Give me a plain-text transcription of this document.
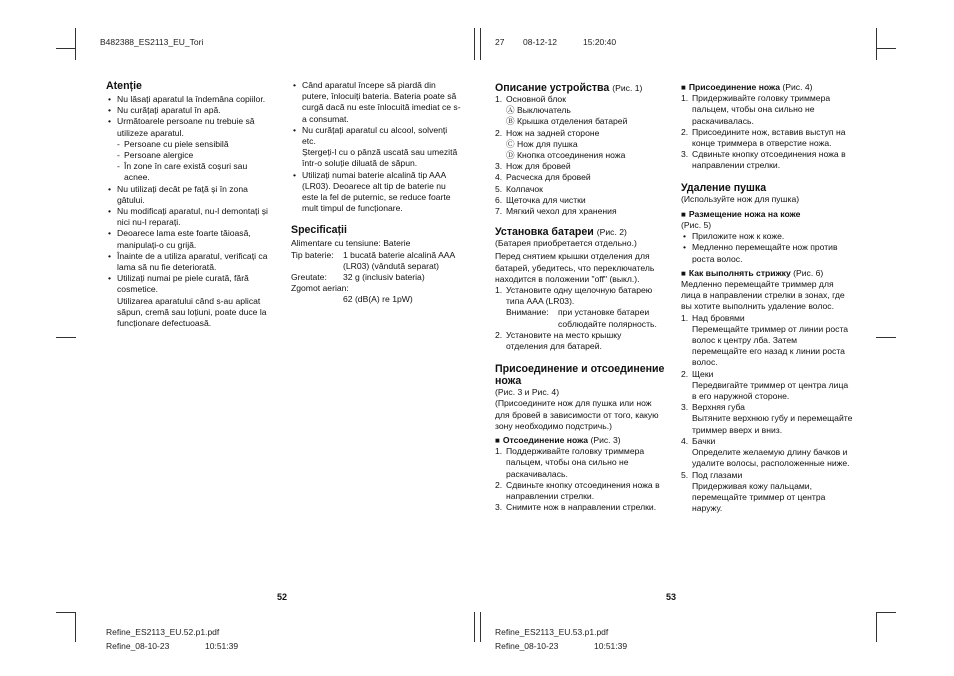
B482388_ES2113_EU_Tori	27 08-12-12	15:20:40

Atenție

• Nu lăsați aparatul la îndemâna copiilor.

• Nu curățați aparatul în apă.

• Următoarele persoane nu trebuie să utilizeze aparatul.

- Persoane cu piele sensibilă

- Persoane alergice

- În zone în care există coșuri sau acnee.

• Nu utilizați decât pe față și în zona gâtului.

• Nu modificați aparatul, nu-l demontați și nici nu-l reparați.

• Deoarece lama este foarte tăioasă, manipulați-o cu grijă.

• Înainte de a utiliza aparatul, verificați ca lama să nu fie deteriorată.

• Utilizați numai pe piele curată, fără cosmetice.

Utilizarea aparatului când s-au aplicat săpun, cremă sau loțiuni, poate duce la funcționare defectuoasă.

• Când aparatul începe să piardă din putere, înlocuiți bateria. Bateria poate să curgă dacă nu este înlocuită imediat ce s-a consumat.

• Nu curățați aparatul cu alcool, solvenți etc.

Ștergeți-l cu o pânză uscată sau umezită într-o soluție diluată de săpun.

• Utilizați numai baterie alcalină tip AAA (LR03). Deoarece alt tip de baterie nu este la fel de puternic, se reduce foarte mult timpul de funcționare.

Specificații

Alimentare cu tensiune: Baterie

Tip baterie:	1 bucată baterie alcalină AAA (LR03) (vândută separat)
Greutate:	32 g (inclusiv bateria)

Zgomot aerian:

62 (dB(A) re 1pW)

Описание устройства (Рис. 1)

1. Основной блок

Ⓐ Выключатель

Ⓑ Крышка отделения батарей

2. Нож на задней стороне

Ⓒ Нож для пушка

Ⓓ Кнопка отсоединения ножа

3. Нож для бровей

4. Расческа для бровей

5. Колпачок

6. Щеточка для чистки

7. Мягкий чехол для хранения

Установка батареи (Рис. 2)

(Батарея приобретается отдельно.)

Перед снятием крышки отделения для батарей, убедитесь, что переключатель находится в положении "off" (выкл.).

1. Установите одну щелочную батарею типа AAA (LR03).

Внимание:	при установке батареи соблюдайте полярность.

2. Установите на место крышку отделения для батарей.

Присоединение и отсоединение ножа

(Рис. 3 и Рис. 4)

(Присоедините нож для пушка или нож для бровей в зависимости от того, какую зону необходимо подстричь.)

■ Отсоединение ножа (Рис. 3)

1. Поддерживайте головку триммера пальцем, чтобы она сильно не раскачивалась.

2. Сдвиньте кнопку отсоединения ножа в направлении стрелки.

3. Снимите нож в направлении стрелки.

■ Присоединение ножа (Рис. 4)

1. Придерживайте головку триммера пальцем, чтобы она сильно не раскачивалась.

2. Присоедините нож, вставив выступ на конце триммера в отверстие ножа.

3. Сдвиньте кнопку отсоединения ножа в направлении стрелки.

Удаление пушка

(Используйте нож для пушка)

■ Размещение ножа на коже

(Рис. 5)

• Приложите нож к коже.

• Медленно перемещайте нож против роста волос.

■ Как выполнять стрижку (Рис. 6)

Медленно перемещайте триммер для лица в направлении стрелки в зонах, где вы хотите выполнить удаление волос.

1. Над бровями

Перемещайте триммер от линии роста волос к центру лба. Затем перемещайте его назад к линии роста волос.

2. Щеки

Передвигайте триммер от центра лица в его наружной стороне.

3. Верхняя губа

Вытяните верхнюю губу и перемещайте триммер вверх и вниз.

4. Бачки

Определите желаемую длину бачков и удалите волосы, расположенные ниже.

5. Под глазами

Придерживая кожу пальцами, перемещайте триммер от центра наружу.

52	53
Refine_ES2113_EU.52.p1.pdf
Refine_08-10-23	10:51:39
Refine_ES2113_EU.53.p1.pdf
Refine_08-10-23	10:51:39
